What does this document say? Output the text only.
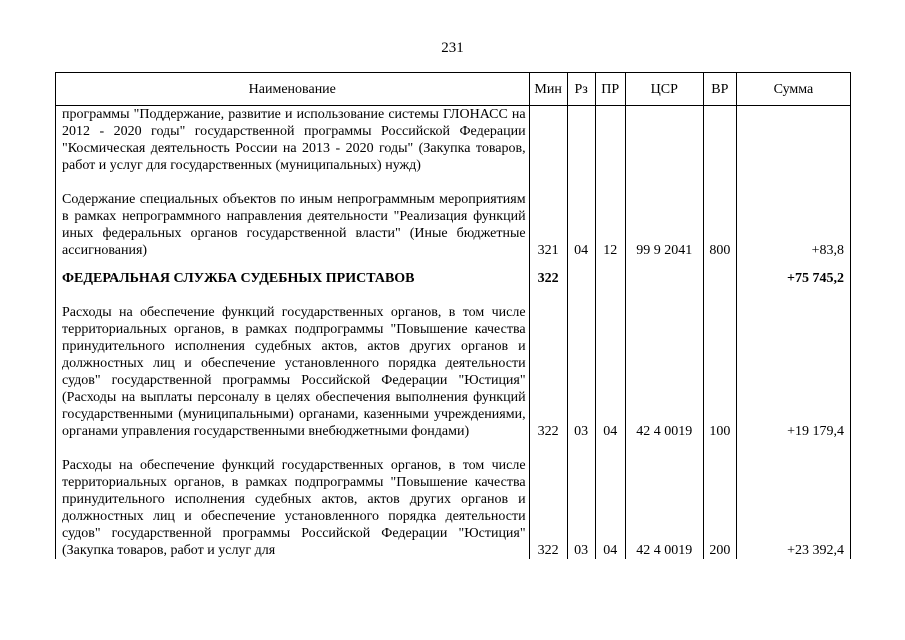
231
Наименование	Мин	Рз	ПР	ЦСР	ВР	Сумма
программы "Поддержание, развитие и использование системы ГЛОНАСС на 2012 - 2020 годы" государственной программы Российской Федерации "Космическая деятельность России на 2013 - 2020 годы" (Закупка товаров, работ и услуг для государственных (муниципальных) нужд)						

Содержание специальных объектов по иным непрограммным мероприятиям в рамках непрограммного направления деятельности "Реализация функций иных федеральных органов государственной власти" (Иные бюджетные ассигнования)	321	04	12	99 9 2041	800	+83,8

ФЕДЕРАЛЬНАЯ СЛУЖБА СУДЕБНЫХ ПРИСТАВОВ	322					+75 745,2

Расходы на обеспечение функций государственных органов, в том числе территориальных органов, в рамках подпрограммы "Повышение качества принудительного исполнения судебных актов, актов других органов и должностных лиц и обеспечение установленного порядка деятельности судов" государственной программы Российской Федерации "Юстиция" (Расходы на выплаты персоналу в целях обеспечения выполнения функций государственными (муниципальными) органами, казенными учреждениями, органами управления государственными внебюджетными фондами)	322	03	04	42 4 0019	100	+19 179,4

Расходы на обеспечение функций государственных органов, в том числе территориальных органов, в рамках подпрограммы "Повышение качества принудительного исполнения судебных актов, актов других органов и должностных лиц и обеспечение установленного порядка деятельности судов" государственной программы Российской Федерации "Юстиция" (Закупка товаров, работ и услуг для	322	03	04	42 4 0019	200	+23 392,4
